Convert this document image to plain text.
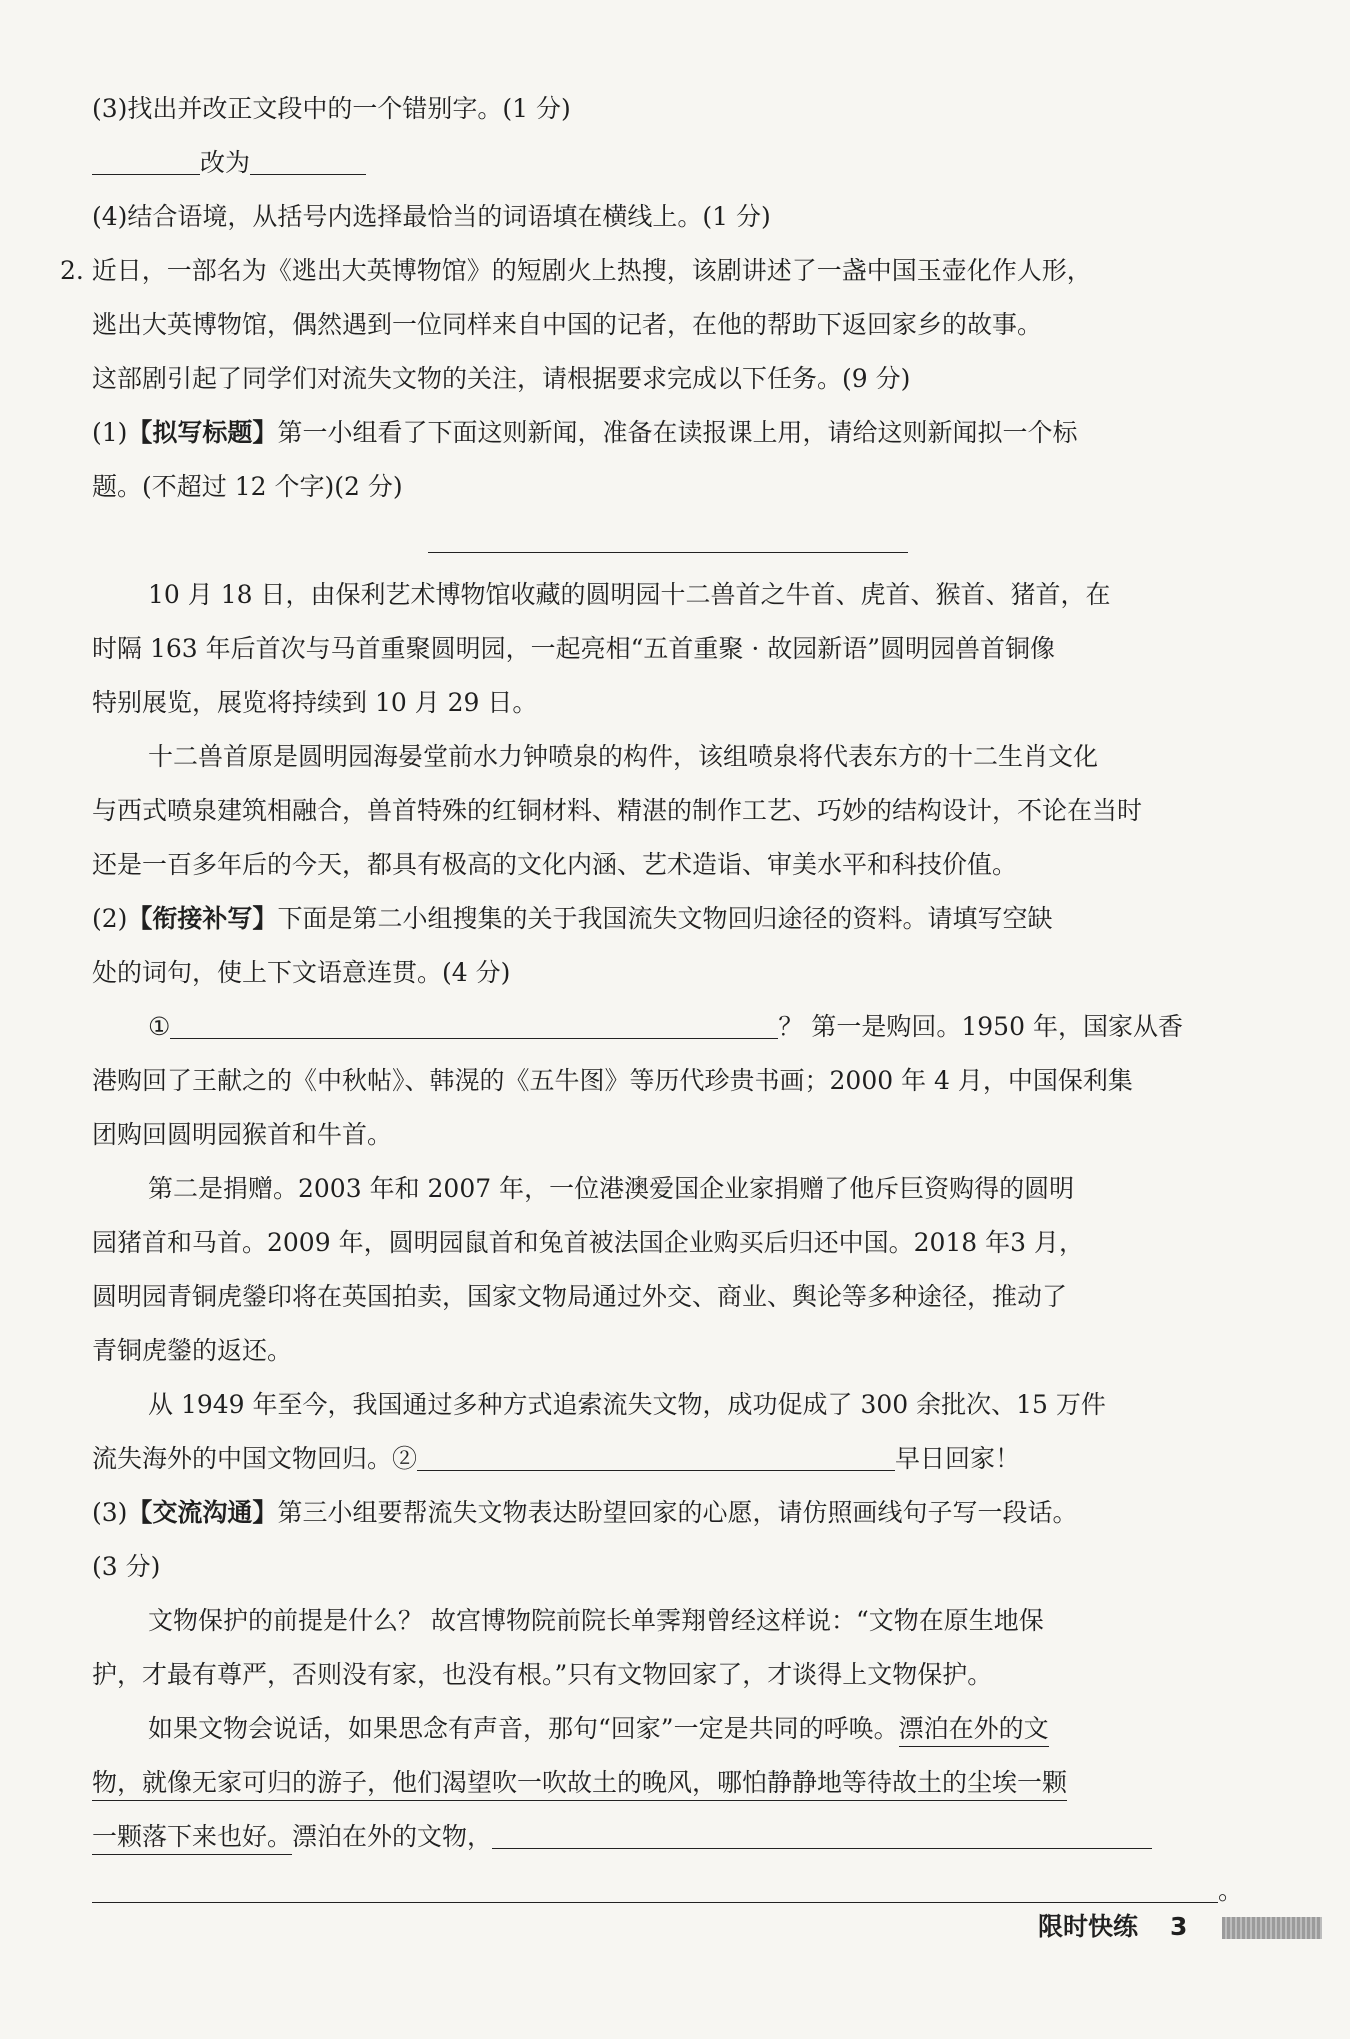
(3)找出并改正文段中的一个错别字。(1 分)
改为
(4)结合语境，从括号内选择最恰当的词语填在横线上。(1 分)
2. 近日，一部名为《逃出大英博物馆》的短剧火上热搜，该剧讲述了一盏中国玉壶化作人形，
逃出大英博物馆，偶然遇到一位同样来自中国的记者，在他的帮助下返回家乡的故事。
这部剧引起了同学们对流失文物的关注，请根据要求完成以下任务。(9 分)
(1)【拟写标题】第一小组看了下面这则新闻，准备在读报课上用，请给这则新闻拟一个标
题。(不超过 12 个字)(2 分)
10 月 18 日，由保利艺术博物馆收藏的圆明园十二兽首之牛首、虎首、猴首、猪首，在
时隔 163 年后首次与马首重聚圆明园，一起亮相“五首重聚 · 故园新语”圆明园兽首铜像
特别展览，展览将持续到 10 月 29 日。
十二兽首原是圆明园海晏堂前水力钟喷泉的构件，该组喷泉将代表东方的十二生肖文化
与西式喷泉建筑相融合，兽首特殊的红铜材料、精湛的制作工艺、巧妙的结构设计，不论在当时
还是一百多年后的今天，都具有极高的文化内涵、艺术造诣、审美水平和科技价值。
(2)【衔接补写】下面是第二小组搜集的关于我国流失文物回归途径的资料。请填写空缺
处的词句，使上下文语意连贯。(4 分)
①	？ 第一是购回。1950 年，国家从香
港购回了王献之的《中秋帖》、韩滉的《五牛图》等历代珍贵书画；2000 年 4 月，中国保利集
团购回圆明园猴首和牛首。
第二是捐赠。2003 年和 2007 年，一位港澳爱国企业家捐赠了他斥巨资购得的圆明
园猪首和马首。2009 年，圆明园鼠首和兔首被法国企业购买后归还中国。2018 年3 月，
圆明园青铜虎鎣印将在英国拍卖，国家文物局通过外交、商业、舆论等多种途径，推动了
青铜虎鎣的返还。
从 1949 年至今，我国通过多种方式追索流失文物，成功促成了 300 余批次、15 万件
流失海外的中国文物回归。②	早日回家！
(3)【交流沟通】第三小组要帮流失文物表达盼望回家的心愿，请仿照画线句子写一段话。
(3 分)
文物保护的前提是什么？ 故宫博物院前院长单霁翔曾经这样说：“文物在原生地保
护，才最有尊严，否则没有家，也没有根。”只有文物回家了，才谈得上文物保护。
如果文物会说话，如果思念有声音，那句“回家”一定是共同的呼唤。漂泊在外的文
物，就像无家可归的游子，他们渴望吹一吹故土的晚风，哪怕静静地等待故土的尘埃一颗
一颗落下来也好。漂泊在外的文物，
。
限时快练 3
